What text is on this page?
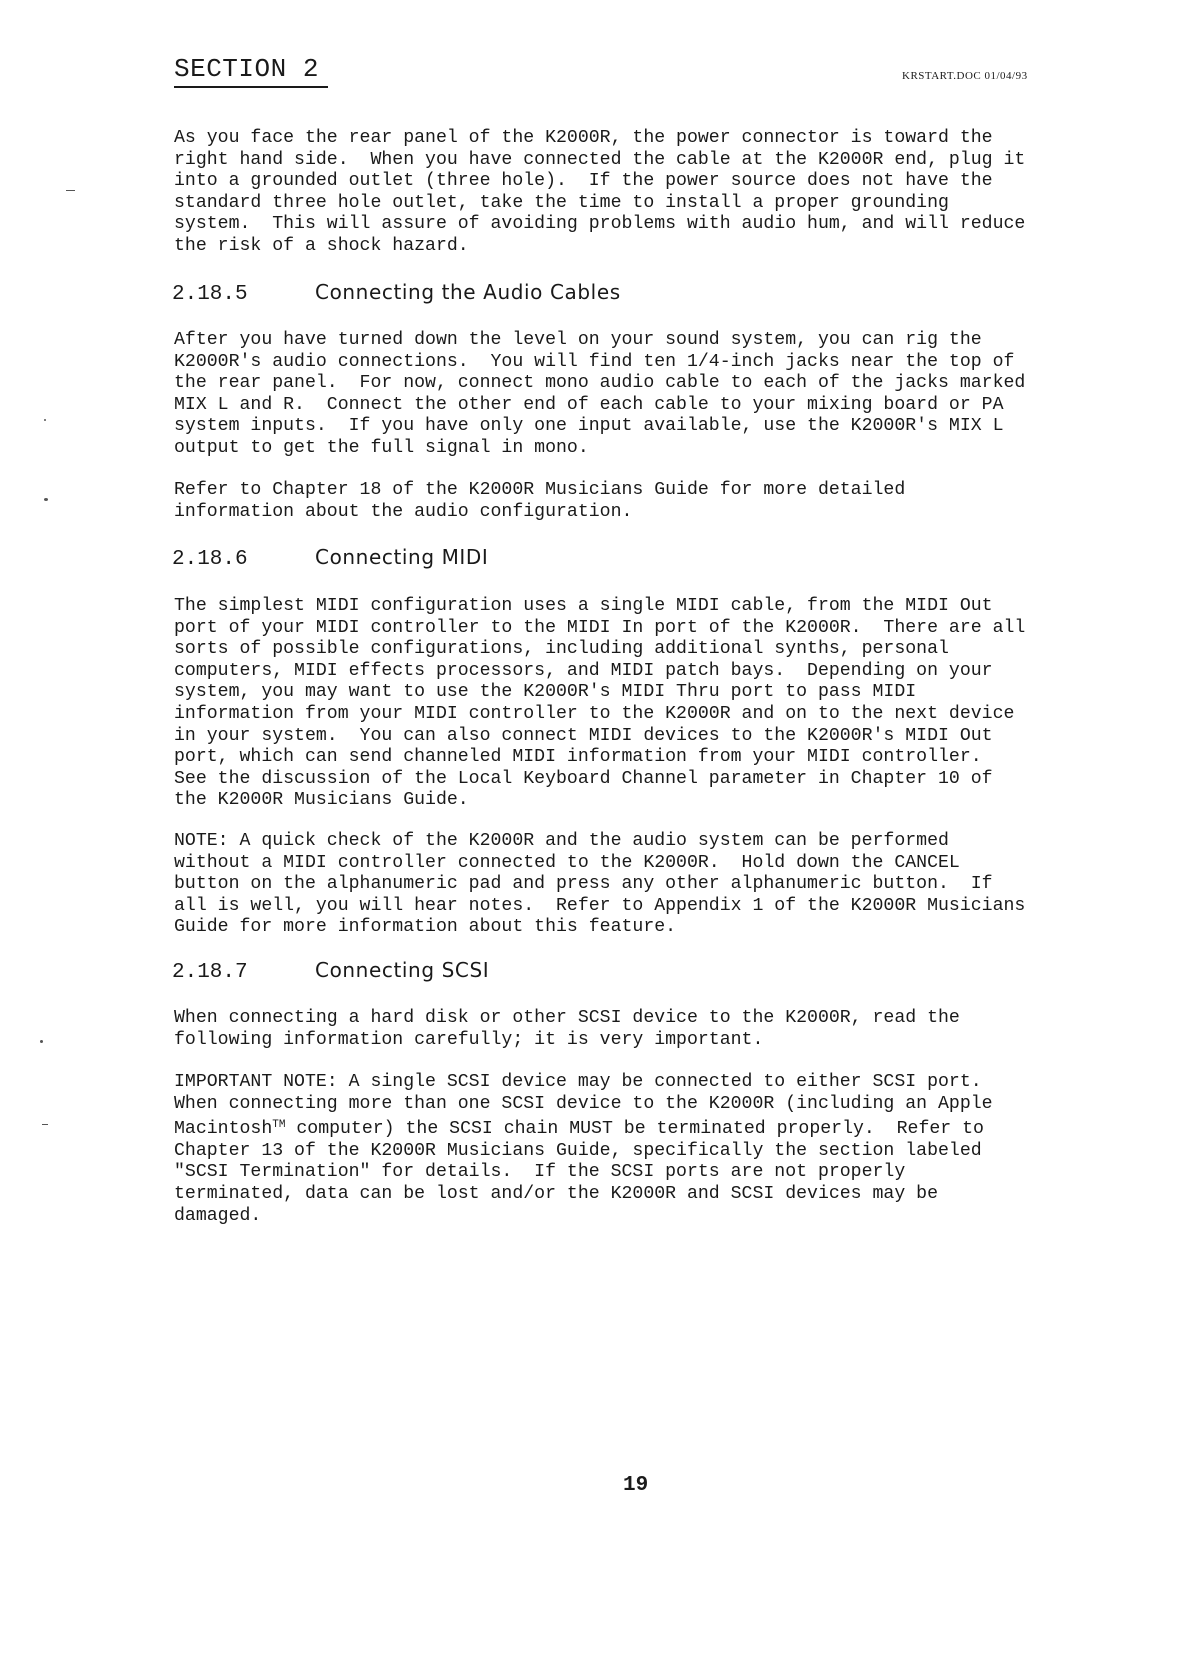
SECTION 2	KRSTART.DOC 01/04/93
As you face the rear panel of the K2000R, the power connector is toward the
right hand side.  When you have connected the cable at the K2000R end, plug it
into a grounded outlet (three hole).  If the power source does not have the
standard three hole outlet, take the time to install a proper grounding
system.  This will assure of avoiding problems with audio hum, and will reduce
the risk of a shock hazard.
2.18.5	Connecting the Audio Cables
After you have turned down the level on your sound system, you can rig the
K2000R's audio connections.  You will find ten 1/4-inch jacks near the top of
the rear panel.  For now, connect mono audio cable to each of the jacks marked
MIX L and R.  Connect the other end of each cable to your mixing board or PA
system inputs.  If you have only one input available, use the K2000R's MIX L
output to get the full signal in mono.
Refer to Chapter 18 of the K2000R Musicians Guide for more detailed
information about the audio configuration.
2.18.6	Connecting MIDI
The simplest MIDI configuration uses a single MIDI cable, from the MIDI Out
port of your MIDI controller to the MIDI In port of the K2000R.  There are all
sorts of possible configurations, including additional synths, personal
computers, MIDI effects processors, and MIDI patch bays.  Depending on your
system, you may want to use the K2000R's MIDI Thru port to pass MIDI
information from your MIDI controller to the K2000R and on to the next device
in your system.  You can also connect MIDI devices to the K2000R's MIDI Out
port, which can send channeled MIDI information from your MIDI controller.
See the discussion of the Local Keyboard Channel parameter in Chapter 10 of
the K2000R Musicians Guide.
NOTE: A quick check of the K2000R and the audio system can be performed
without a MIDI controller connected to the K2000R.  Hold down the CANCEL
button on the alphanumeric pad and press any other alphanumeric button.  If
all is well, you will hear notes.  Refer to Appendix 1 of the K2000R Musicians
Guide for more information about this feature.
2.18.7	Connecting SCSI
When connecting a hard disk or other SCSI device to the K2000R, read the
following information carefully; it is very important.
IMPORTANT NOTE: A single SCSI device may be connected to either SCSI port.
When connecting more than one SCSI device to the K2000R (including an Apple
Macintosh™ computer) the SCSI chain MUST be terminated properly.  Refer to
Chapter 13 of the K2000R Musicians Guide, specifically the section labeled
"SCSI Termination" for details.  If the SCSI ports are not properly
terminated, data can be lost and/or the K2000R and SCSI devices may be
damaged.
19
